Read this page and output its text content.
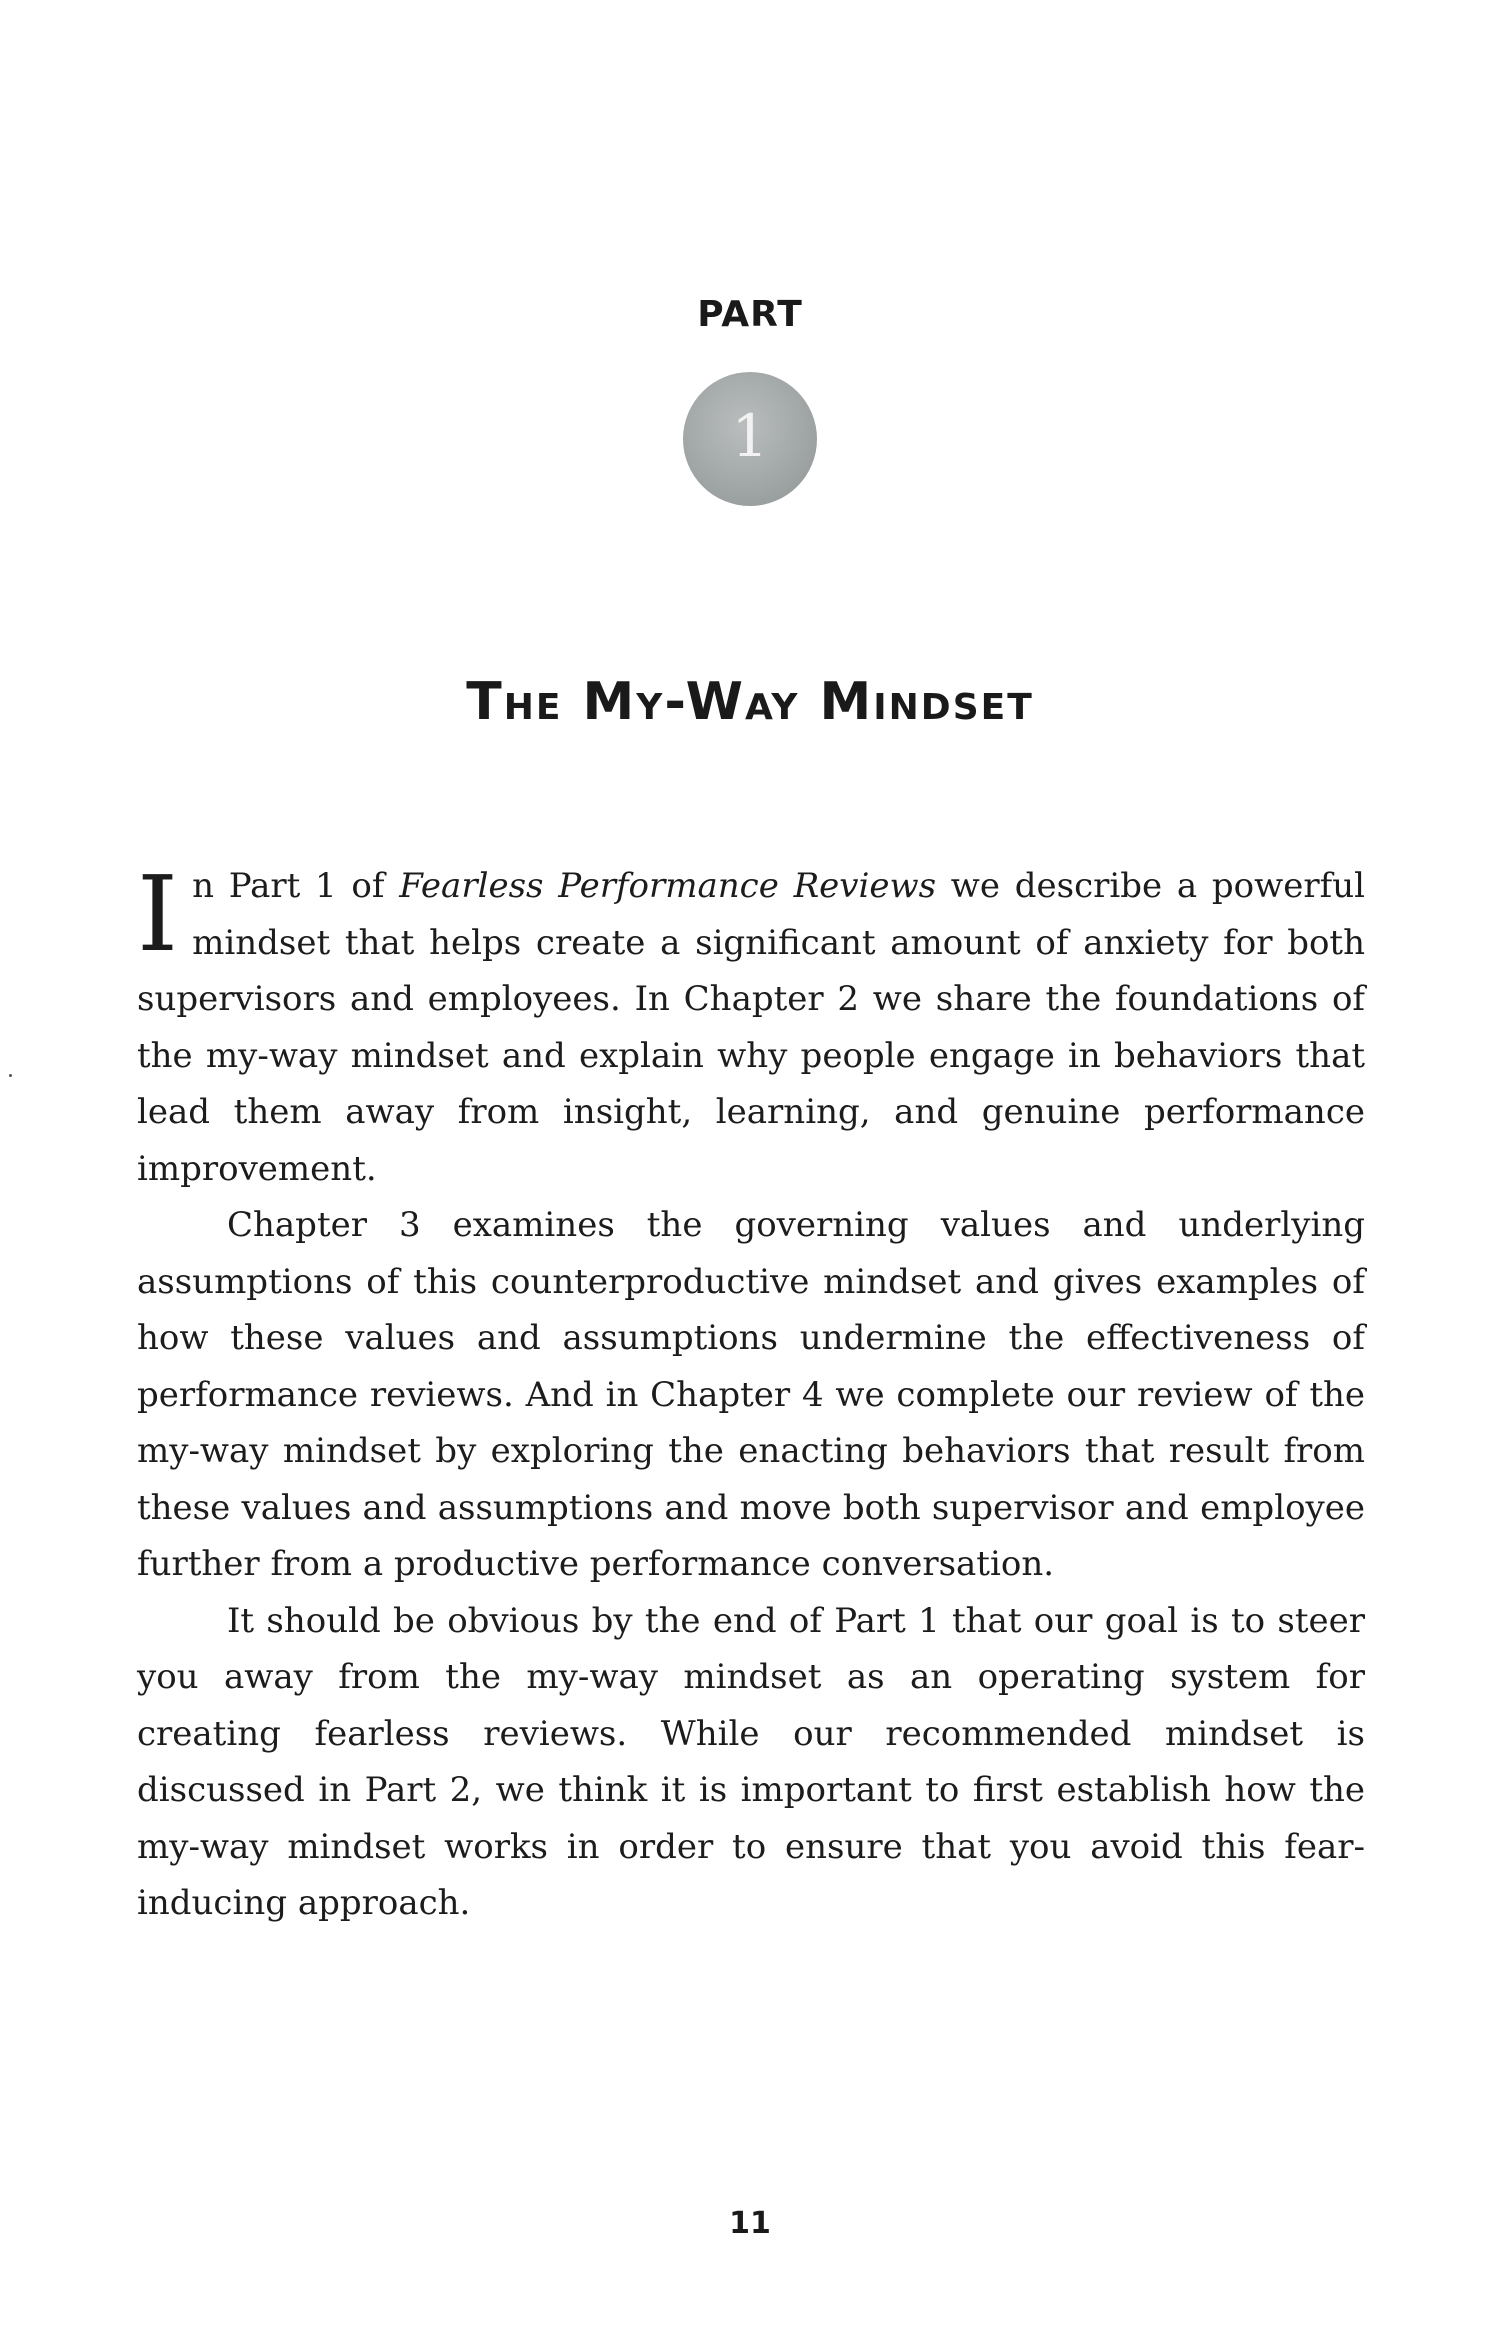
PART
1
The My-Way Mindset

In Part 1 of Fearless Performance Reviews we describe a powerful mindset that helps create a significant amount of anxiety for both supervisors and employees. In Chapter 2 we share the foundations of the my-way mindset and explain why people engage in behaviors that lead them away from insight, learning, and genuine performance improvement.

Chapter 3 examines the governing values and underlying assumptions of this counterproductive mindset and gives examples of how these values and assumptions undermine the effectiveness of performance reviews. And in Chapter 4 we complete our review of the my-way mindset by exploring the enacting behaviors that result from these values and assumptions and move both supervisor and employee further from a productive performance conversation.

It should be obvious by the end of Part 1 that our goal is to steer you away from the my-way mindset as an operating system for creating fearless reviews. While our recommended mindset is discussed in Part 2, we think it is important to first establish how the my-way mindset works in order to ensure that you avoid this fear-inducing approach.

11
